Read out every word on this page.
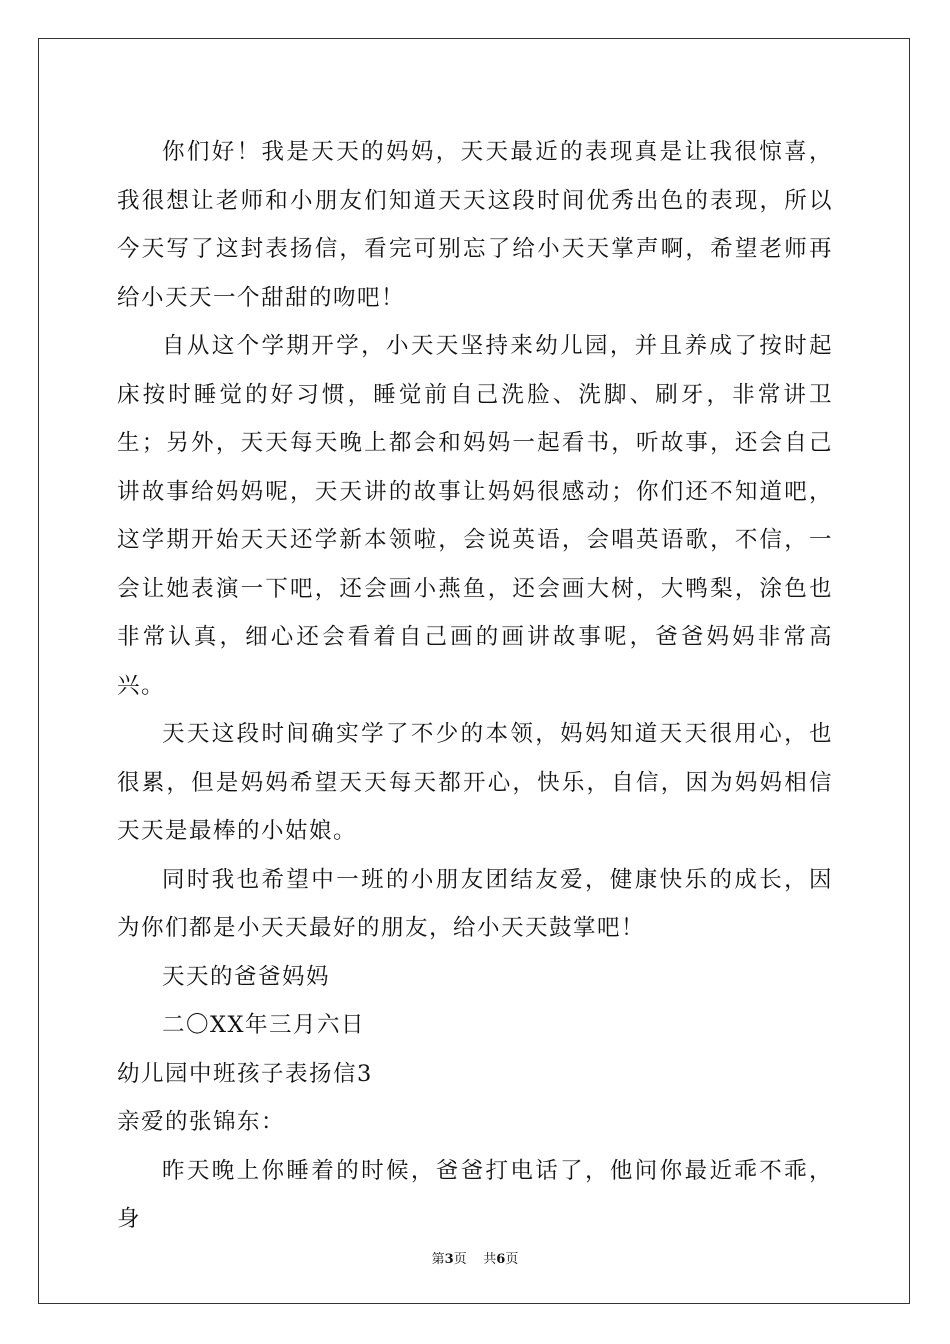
你们好！我是天天的妈妈，天天最近的表现真是让我很惊喜，我很想让老师和小朋友们知道天天这段时间优秀出色的表现，所以今天写了这封表扬信，看完可别忘了给小天天掌声啊，希望老师再给小天天一个甜甜的吻吧！

自从这个学期开学，小天天坚持来幼儿园，并且养成了按时起床按时睡觉的好习惯，睡觉前自己洗脸、洗脚、刷牙，非常讲卫生；另外，天天每天晚上都会和妈妈一起看书，听故事，还会自己讲故事给妈妈呢，天天讲的故事让妈妈很感动；你们还不知道吧，这学期开始天天还学新本领啦，会说英语，会唱英语歌，不信，一会让她表演一下吧，还会画小燕鱼，还会画大树，大鸭梨，涂色也非常认真，细心还会看着自己画的画讲故事呢，爸爸妈妈非常高兴。

天天这段时间确实学了不少的本领，妈妈知道天天很用心，也很累，但是妈妈希望天天每天都开心，快乐，自信，因为妈妈相信天天是最棒的小姑娘。

同时我也希望中一班的小朋友团结友爱，健康快乐的成长，因为你们都是小天天最好的朋友，给小天天鼓掌吧！

天天的爸爸妈妈

二〇XX年三月六日

幼儿园中班孩子表扬信3

亲爱的张锦东：

昨天晚上你睡着的时候，爸爸打电话了，他问你最近乖不乖，身

第3页 共6页
